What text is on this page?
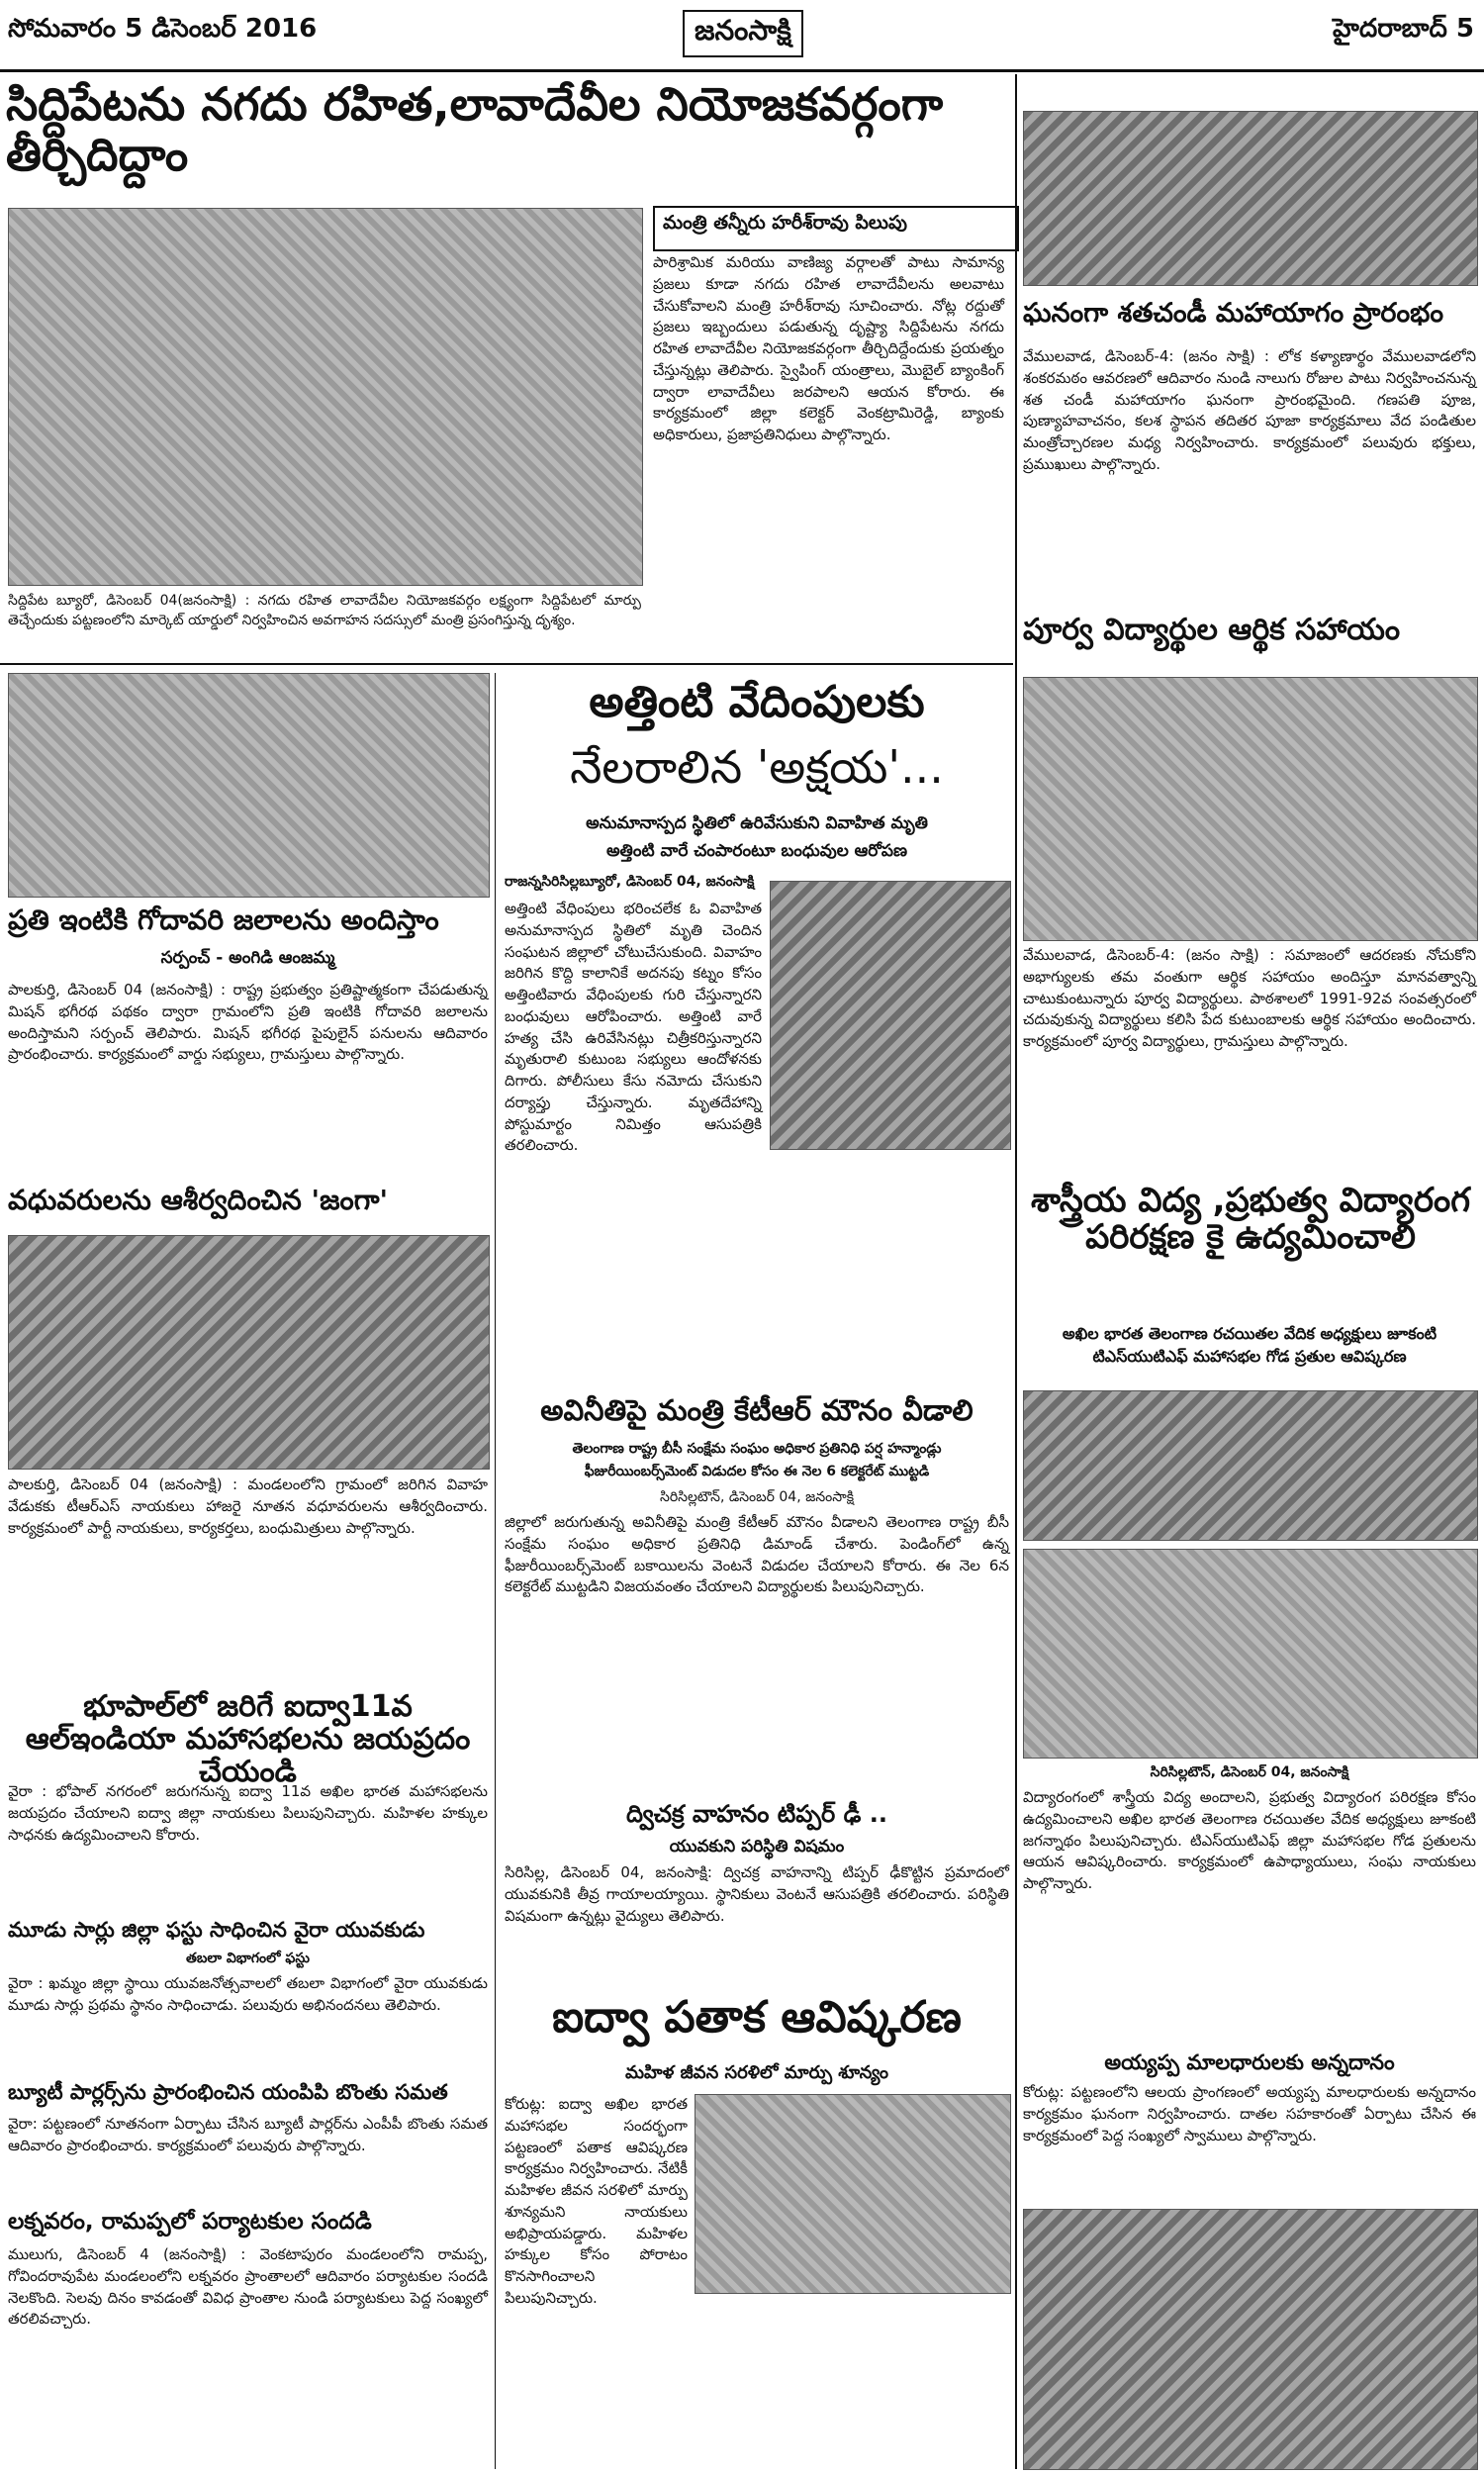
సోమవారం 5 డిసెంబర్‌ 2016	జనంసాక్షి	హైదరాబాద్‌ 5
సిద్దిపేటను నగదు రహిత,లావాదేవీల నియోజకవర్గంగా తీర్చిదిద్దాం
మంత్రి తన్నీరు హరీశ్‌రావు పిలుపు
సిద్దిపేట బ్యూరో, డిసెంబర్‌ 04(జనంసాక్షి) : నగదు రహిత లావాదేవీల నియోజకవర్గం లక్ష్యంగా సిద్దిపేటలో మార్పు తెచ్చేందుకు పట్టణంలోని మార్కెట్‌ యార్డులో నిర్వహించిన అవగాహన సదస్సులో మంత్రి ప్రసంగిస్తున్న దృశ్యం.
పారిశ్రామిక మరియు వాణిజ్య వర్గాలతో పాటు సామాన్య ప్రజలు కూడా నగదు రహిత లావాదేవీలను అలవాటు చేసుకోవాలని మంత్రి హరీశ్‌రావు సూచించారు. నోట్ల రద్దుతో ప్రజలు ఇబ్బందులు పడుతున్న దృష్ట్యా సిద్దిపేటను నగదు రహిత లావాదేవీల నియోజకవర్గంగా తీర్చిదిద్దేందుకు ప్రయత్నం చేస్తున్నట్లు తెలిపారు. స్వైపింగ్‌ యంత్రాలు, మొబైల్‌ బ్యాంకింగ్‌ ద్వారా లావాదేవీలు జరపాలని ఆయన కోరారు. ఈ కార్యక్రమంలో జిల్లా కలెక్టర్‌ వెంకట్రామిరెడ్డి, బ్యాంకు అధికారులు, ప్రజాప్రతినిధులు పాల్గొన్నారు.
ఘనంగా శతచండీ మహాయాగం ప్రారంభం
వేములవాడ, డిసెంబర్‌-4: (జనం సాక్షి) : లోక కళ్యాణార్థం వేములవాడలోని శంకరమఠం ఆవరణలో ఆదివారం నుండి నాలుగు రోజుల పాటు నిర్వహించనున్న శత చండీ మహాయాగం ఘనంగా ప్రారంభమైంది. గణపతి పూజ, పుణ్యాహవాచనం, కలశ స్థాపన తదితర పూజా కార్యక్రమాలు వేద పండితుల మంత్రోచ్చారణల మధ్య నిర్వహించారు. కార్యక్రమంలో పలువురు భక్తులు, ప్రముఖులు పాల్గొన్నారు.
పూర్వ విద్యార్థుల ఆర్థిక సహాయం
వేములవాడ, డిసెంబర్‌-4: (జనం సాక్షి) : సమాజంలో ఆదరణకు నోచుకోని అభాగ్యులకు తమ వంతుగా ఆర్థిక సహాయం అందిస్తూ మానవత్వాన్ని చాటుకుంటున్నారు పూర్వ విద్యార్థులు. పాఠశాలలో 1991-92వ సంవత్సరంలో చదువుకున్న విద్యార్థులు కలిసి పేద కుటుంబాలకు ఆర్థిక సహాయం అందించారు. కార్యక్రమంలో పూర్వ విద్యార్థులు, గ్రామస్తులు పాల్గొన్నారు.
శాస్త్రీయ విద్య ,ప్రభుత్వ విద్యారంగ పరిరక్షణ కై ఉద్యమించాలి
అఖిల భారత తెలంగాణ రచయితల వేదిక అధ్యక్షులు జూకంటి టిఎస్‌యుటిఎఫ్‌ మహాసభల గోడ ప్రతుల ఆవిష్కరణ
సిరిసిల్లటౌన్‌, డిసెంబర్‌ 04, జనంసాక్షి
విద్యారంగంలో శాస్త్రీయ విద్య అందాలని, ప్రభుత్వ విద్యారంగ పరిరక్షణ కోసం ఉద్యమించాలని అఖిల భారత తెలంగాణ రచయితల వేదిక అధ్యక్షులు జూకంటి జగన్నాథం పిలుపునిచ్చారు. టిఎస్‌యుటిఎఫ్‌ జిల్లా మహాసభల గోడ ప్రతులను ఆయన ఆవిష్కరించారు. కార్యక్రమంలో ఉపాధ్యాయులు, సంఘ నాయకులు పాల్గొన్నారు.
అయ్యప్ప మాలధారులకు అన్నదానం
కోరుట్ల: పట్టణంలోని ఆలయ ప్రాంగణంలో అయ్యప్ప మాలధారులకు అన్నదానం కార్యక్రమం ఘనంగా నిర్వహించారు. దాతల సహకారంతో ఏర్పాటు చేసిన ఈ కార్యక్రమంలో పెద్ద సంఖ్యలో స్వాములు పాల్గొన్నారు.
ప్రతి ఇంటికి గోదావరి జలాలను అందిస్తాం
సర్పంచ్‌ - అంగిడి ఆంజమ్మ
పాలకుర్తి, డిసెంబర్‌ 04 (జనంసాక్షి) : రాష్ట్ర ప్రభుత్వం ప్రతిష్టాత్మకంగా చేపడుతున్న మిషన్‌ భగీరథ పథకం ద్వారా గ్రామంలోని ప్రతి ఇంటికి గోదావరి జలాలను అందిస్తామని సర్పంచ్‌ తెలిపారు. మిషన్‌ భగీరథ పైపులైన్‌ పనులను ఆదివారం ప్రారంభించారు. కార్యక్రమంలో వార్డు సభ్యులు, గ్రామస్తులు పాల్గొన్నారు.
వధువరులను ఆశీర్వదించిన 'జంగా'
పాలకుర్తి, డిసెంబర్‌ 04 (జనంసాక్షి) : మండలంలోని గ్రామంలో జరిగిన వివాహ వేడుకకు టీఆర్‌ఎస్‌ నాయకులు హాజరై నూతన వధూవరులను ఆశీర్వదించారు. కార్యక్రమంలో పార్టీ నాయకులు, కార్యకర్తలు, బంధుమిత్రులు పాల్గొన్నారు.
భూపాల్‌లో జరిగే ఐద్వా11వ ఆల్‌ఇండియా మహాసభలను జయప్రదం చేయండి
వైరా : భోపాల్‌ నగరంలో జరుగనున్న ఐద్వా 11వ అఖిల భారత మహాసభలను జయప్రదం చేయాలని ఐద్వా జిల్లా నాయకులు పిలుపునిచ్చారు. మహిళల హక్కుల సాధనకు ఉద్యమించాలని కోరారు.
మూడు సార్లు జిల్లా ఫస్టు సాధించిన వైరా యువకుడు
తబలా విభాగంలో ఫస్టు
వైరా : ఖమ్మం జిల్లా స్థాయి యువజనోత్సవాలలో తబలా విభాగంలో వైరా యువకుడు మూడు సార్లు ప్రథమ స్థానం సాధించాడు. పలువురు అభినందనలు తెలిపారు.
బ్యూటీ పార్లర్స్‌ను ప్రారంభించిన యంపిపి బొంతు సమత
వైరా: పట్టణంలో నూతనంగా ఏర్పాటు చేసిన బ్యూటీ పార్లర్‌ను ఎంపీపీ బొంతు సమత ఆదివారం ప్రారంభించారు. కార్యక్రమంలో పలువురు పాల్గొన్నారు.
లక్నవరం, రామప్పలో పర్యాటకుల సందడి
ములుగు, డిసెంబర్‌ 4 (జనంసాక్షి) : వెంకటాపురం మండలంలోని రామప్ప, గోవిందరావుపేట మండలంలోని లక్నవరం ప్రాంతాలలో ఆదివారం పర్యాటకుల సందడి నెలకొంది. సెలవు దినం కావడంతో వివిధ ప్రాంతాల నుండి పర్యాటకులు పెద్ద సంఖ్యలో తరలివచ్చారు.
అత్తింటి వేదింపులకు
నేలరాలిన 'అక్షయ'...
అనుమానాస్పద స్థితిలో ఉరివేసుకుని వివాహిత మృతి
అత్తింటి వారే చంపారంటూ బంధువుల ఆరోపణ
రాజన్నసిరిసిల్లబ్యూరో, డిసెంబర్‌ 04, జనంసాక్షి
అత్తింటి వేధింపులు భరించలేక ఓ వివాహిత అనుమానాస్పద స్థితిలో మృతి చెందిన సంఘటన జిల్లాలో చోటుచేసుకుంది. వివాహం జరిగిన కొద్ది కాలానికే అదనపు కట్నం కోసం అత్తింటివారు వేధింపులకు గురి చేస్తున్నారని బంధువులు ఆరోపించారు. అత్తింటి వారే హత్య చేసి ఉరివేసినట్లు చిత్రీకరిస్తున్నారని మృతురాలి కుటుంబ సభ్యులు ఆందోళనకు దిగారు. పోలీసులు కేసు నమోదు చేసుకుని దర్యాప్తు చేస్తున్నారు. మృతదేహాన్ని పోస్టుమార్టం నిమిత్తం ఆసుపత్రికి తరలించారు.
అవినీతిపై మంత్రి కేటీఆర్‌ మౌనం వీడాలి
తెలంగాణ రాష్ట్ర బీసీ సంక్షేమ సంఘం అధికార ప్రతినిధి పర్ష హన్మాండ్లు
ఫీజురీయింబర్స్‌మెంట్‌ విడుదల కోసం ఈ నెల 6 కలెక్టరేట్‌ ముట్టడి
సిరిసిల్లటౌన్‌, డిసెంబర్‌ 04, జనంసాక్షి
జిల్లాలో జరుగుతున్న అవినీతిపై మంత్రి కేటీఆర్‌ మౌనం వీడాలని తెలంగాణ రాష్ట్ర బీసీ సంక్షేమ సంఘం అధికార ప్రతినిధి డిమాండ్‌ చేశారు. పెండింగ్‌లో ఉన్న ఫీజురీయింబర్స్‌మెంట్‌ బకాయిలను వెంటనే విడుదల చేయాలని కోరారు. ఈ నెల 6న కలెక్టరేట్‌ ముట్టడిని విజయవంతం చేయాలని విద్యార్థులకు పిలుపునిచ్చారు.
ద్విచక్ర వాహనం టిప్పర్‌ ఢీ ..
యువకుని పరిస్థితి విషమం
సిరిసిల్ల, డిసెంబర్‌ 04, జనంసాక్షి: ద్విచక్ర వాహనాన్ని టిప్పర్‌ ఢీకొట్టిన ప్రమాదంలో యువకునికి తీవ్ర గాయాలయ్యాయి. స్థానికులు వెంటనే ఆసుపత్రికి తరలించారు. పరిస్థితి విషమంగా ఉన్నట్లు వైద్యులు తెలిపారు.
ఐద్వా పతాక ఆవిష్కరణ
మహిళ జీవన సరళిలో మార్పు శూన్యం
కోరుట్ల: ఐద్వా అఖిల భారత మహాసభల సందర్భంగా పట్టణంలో పతాక ఆవిష్కరణ కార్యక్రమం నిర్వహించారు. నేటికీ మహిళల జీవన సరళిలో మార్పు శూన్యమని నాయకులు అభిప్రాయపడ్డారు. మహిళల హక్కుల కోసం పోరాటం కొనసాగించాలని పిలుపునిచ్చారు.
